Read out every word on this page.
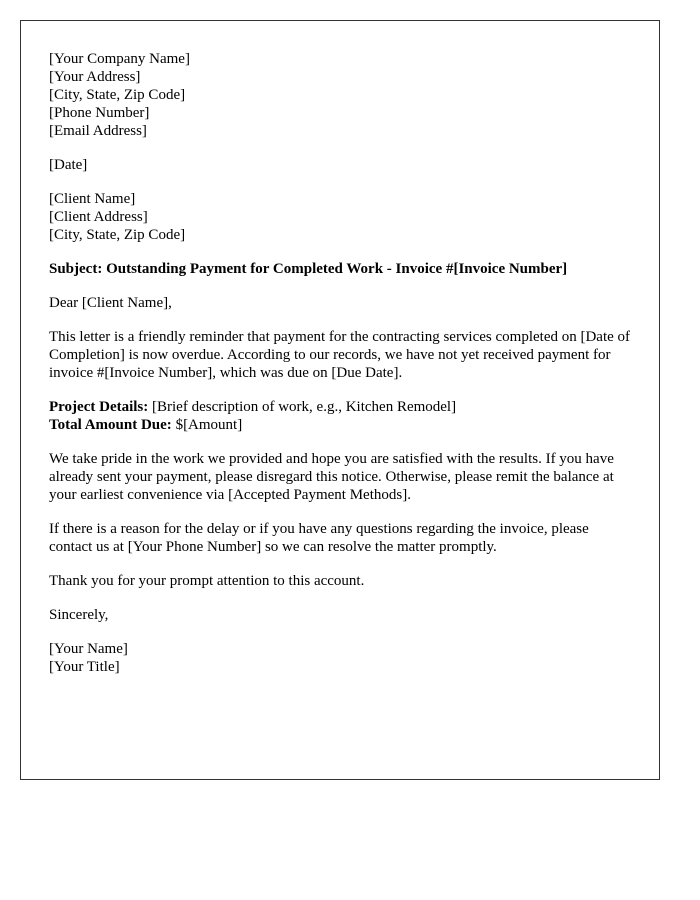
[Your Company Name]
[Your Address]
[City, State, Zip Code]
[Phone Number]
[Email Address]
[Date]
[Client Name]
[Client Address]
[City, State, Zip Code]

Subject: Outstanding Payment for Completed Work - Invoice #[Invoice Number]

Dear [Client Name],

This letter is a friendly reminder that payment for the contracting services completed on [Date of Completion] is now overdue. According to our records, we have not yet received payment for invoice #[Invoice Number], which was due on [Due Date].

Project Details: [Brief description of work, e.g., Kitchen Remodel]
Total Amount Due: $[Amount]

We take pride in the work we provided and hope you are satisfied with the results. If you have already sent your payment, please disregard this notice. Otherwise, please remit the balance at your earliest convenience via [Accepted Payment Methods].

If there is a reason for the delay or if you have any questions regarding the invoice, please contact us at [Your Phone Number] so we can resolve the matter promptly.

Thank you for your prompt attention to this account.

Sincerely,

[Your Name]
[Your Title]
